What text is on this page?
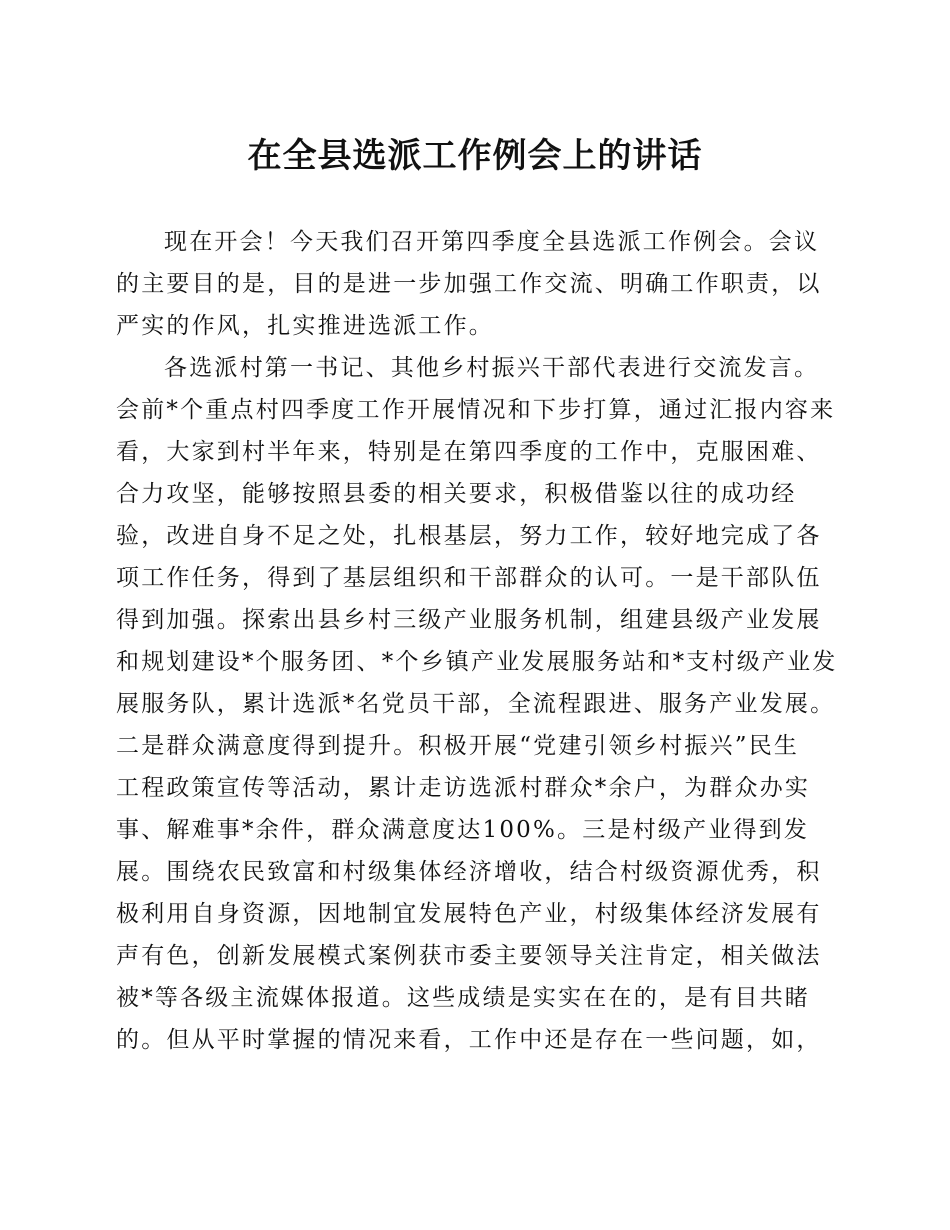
在全县选派工作例会上的讲话
现在开会！今天我们召开第四季度全县选派工作例会。会议
的主要目的是，目的是进一步加强工作交流、明确工作职责，以
严实的作风，扎实推进选派工作。
各选派村第一书记、其他乡村振兴干部代表进行交流发言。
会前*个重点村四季度工作开展情况和下步打算，通过汇报内容来
看，大家到村半年来，特别是在第四季度的工作中，克服困难、
合力攻坚，能够按照县委的相关要求，积极借鉴以往的成功经
验，改进自身不足之处，扎根基层，努力工作，较好地完成了各
项工作任务，得到了基层组织和干部群众的认可。一是干部队伍
得到加强。探索出县乡村三级产业服务机制，组建县级产业发展
和规划建设*个服务团、*个乡镇产业发展服务站和*支村级产业发
展服务队，累计选派*名党员干部，全流程跟进、服务产业发展。
二是群众满意度得到提升。积极开展“党建引领乡村振兴”民生
工程政策宣传等活动，累计走访选派村群众*余户，为群众办实
事、解难事*余件，群众满意度达100%。三是村级产业得到发
展。围绕农民致富和村级集体经济增收，结合村级资源优秀，积
极利用自身资源，因地制宜发展特色产业，村级集体经济发展有
声有色，创新发展模式案例获市委主要领导关注肯定，相关做法
被*等各级主流媒体报道。这些成绩是实实在在的，是有目共睹
的。但从平时掌握的情况来看，工作中还是存在一些问题，如，
